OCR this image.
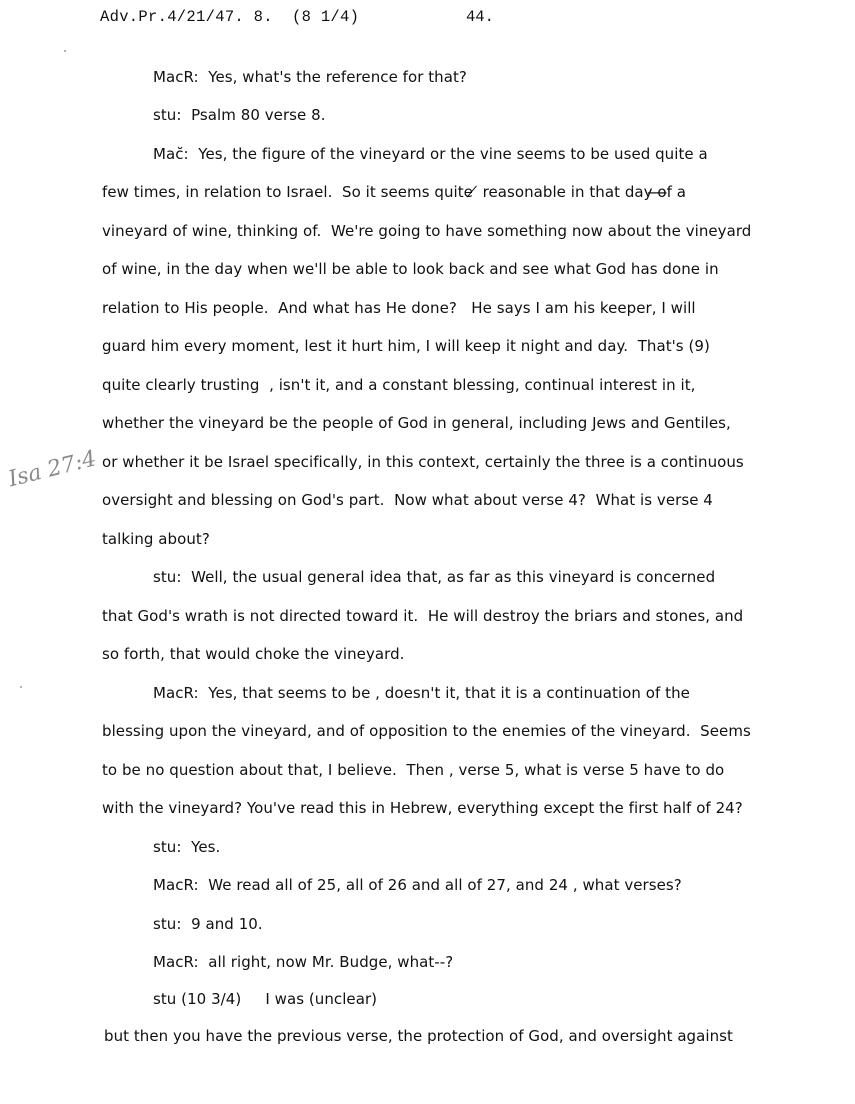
Adv.Pr.4/21/47. 8.  (8 1/4)	44.
Isa 27:4
MacR:  Yes, what's the reference for that?
stu:  Psalm 80 verse 8.
Mac̆:  Yes, the figure of the vineyard or the vine seems to be used quite a
few times, in relation to Israel.  So it seems quite ̸ reasonable in that day ̶o̶f a
vineyard of wine, thinking of.  We're going to have something now about the vineyard
of wine, in the day when we'll be able to look back and see what God has done in
relation to His people.  And what has He done?   He says I am his keeper, I will
guard him every moment, lest it hurt him, I will keep it night and day.  That's (9)
quite clearly trusting  , isn't it, and a constant blessing, continual interest in it,
whether the vineyard be the people of God in general, including Jews and Gentiles,
or whether it be Israel specifically, in this context, certainly the three is a continuous
oversight and blessing on God's part.  Now what about verse 4?  What is verse 4
talking about?
stu:  Well, the usual general idea that, as far as this vineyard is concerned
that God's wrath is not directed toward it.  He will destroy the briars and stones, and
so forth, that would choke the vineyard.
MacR:  Yes, that seems to be , doesn't it, that it is a continuation of the
blessing upon the vineyard, and of opposition to the enemies of the vineyard.  Seems
to be no question about that, I believe.  Then , verse 5, what is verse 5 have to do
with the vineyard? You've read this in Hebrew, everything except the first half of 24?
stu:  Yes.
MacR:  We read all of 25, all of 26 and all of 27, and 24 , what verses?
stu:  9 and 10.
MacR:  all right, now Mr. Budge, what--?
stu (10 3/4)     I was (unclear)
but then you have the previous verse, the protection of God, and oversight against
